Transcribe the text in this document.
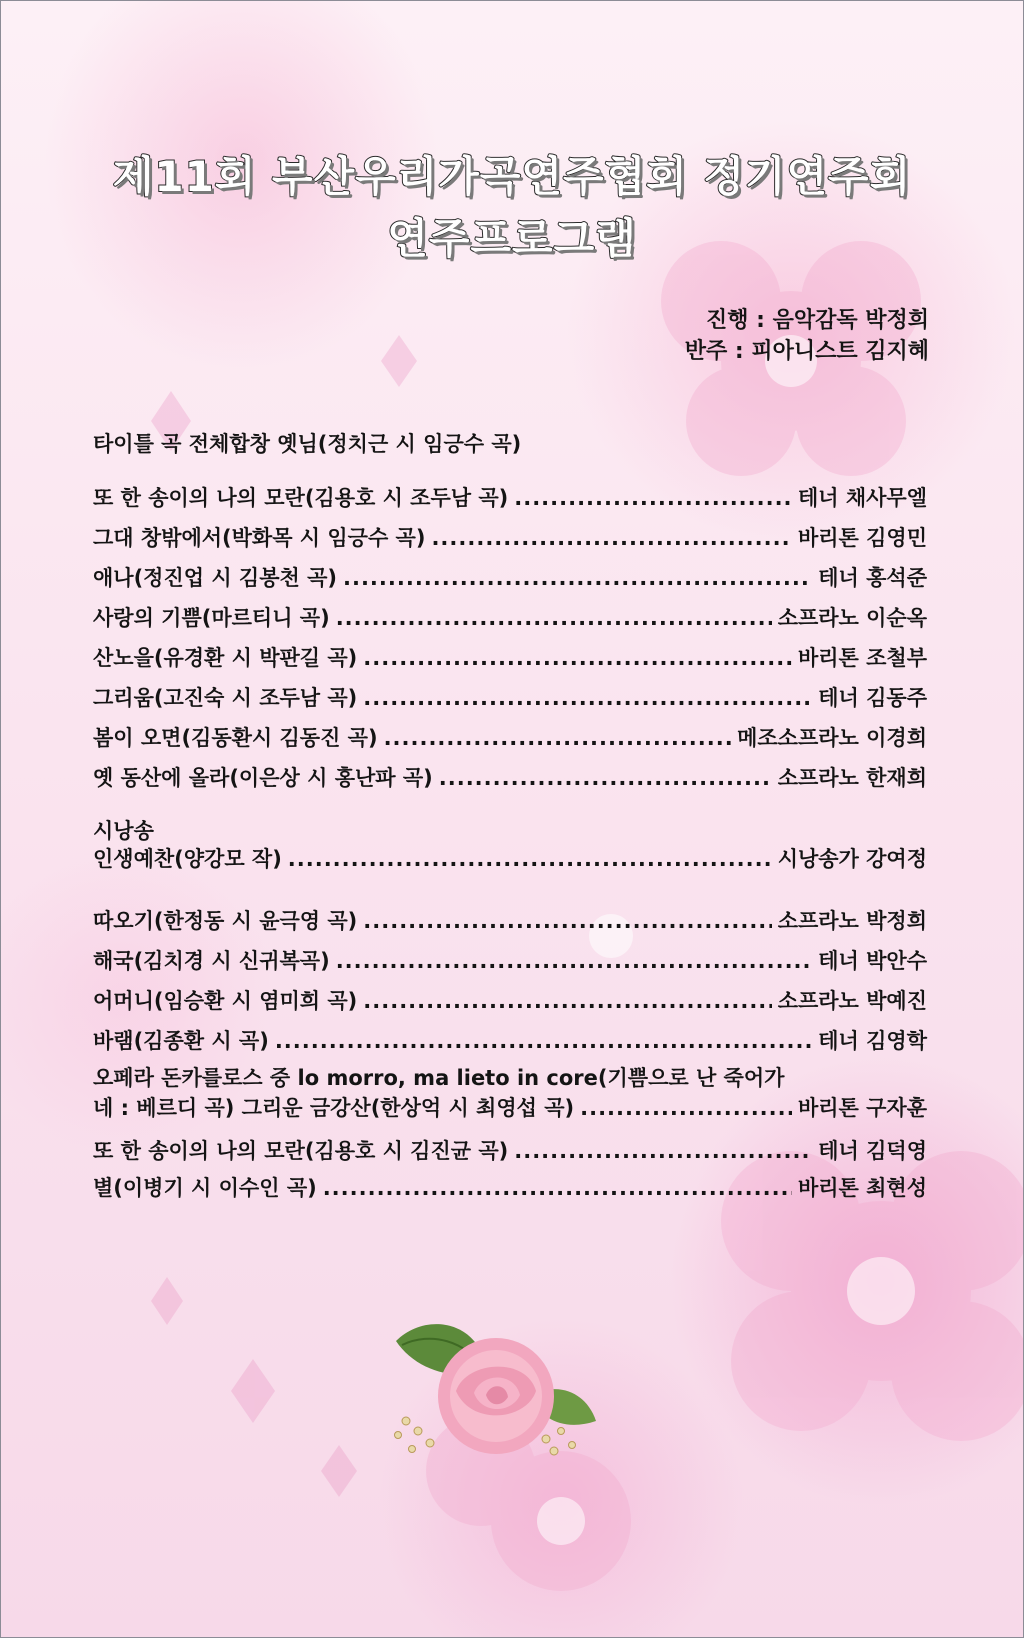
제11회 부산우리가곡연주협회 정기연주회
연주프로그램
진행 : 음악감독 박정희
반주 : 피아니스트 김지혜
타이틀 곡 전체합창 옛님(정치근 시 임긍수 곡)
또 한 송이의 나의 모란(김용호 시 조두남 곡) .....	테너 채사무엘
그대 창밖에서(박화목 시 임긍수 곡) .....	바리톤 김영민
애나(정진업 시 김봉천 곡) .....	테너 홍석준
사랑의 기쁨(마르티니 곡) .....	소프라노 이순옥
산노을(유경환 시 박판길 곡) .....	바리톤 조철부
그리움(고진숙 시 조두남 곡) .....	테너 김동주
봄이 오면(김동환시 김동진 곡) .....	메조소프라노 이경희
옛 동산에 올라(이은상 시 홍난파 곡) .....	소프라노 한재희
시낭송
인생예찬(양강모 작) .....	시낭송가 강여정
따오기(한정동 시 윤극영 곡) .....	소프라노 박정희
해국(김치경 시 신귀복곡) .....	테너 박안수
어머니(임승환 시 염미희 곡) .....	소프라노 박예진
바램(김종환 시 곡) .....	테너 김영학
오페라 돈카를로스 중 lo morro, ma lieto in core(기쁨으로 난 죽어가
네 : 베르디 곡) 그리운 금강산(한상억 시 최영섭 곡) .....	바리톤 구자훈
또 한 송이의 나의 모란(김용호 시 김진균 곡) .....	테너 김덕영
별(이병기 시 이수인 곡) .....	바리톤 최현성
